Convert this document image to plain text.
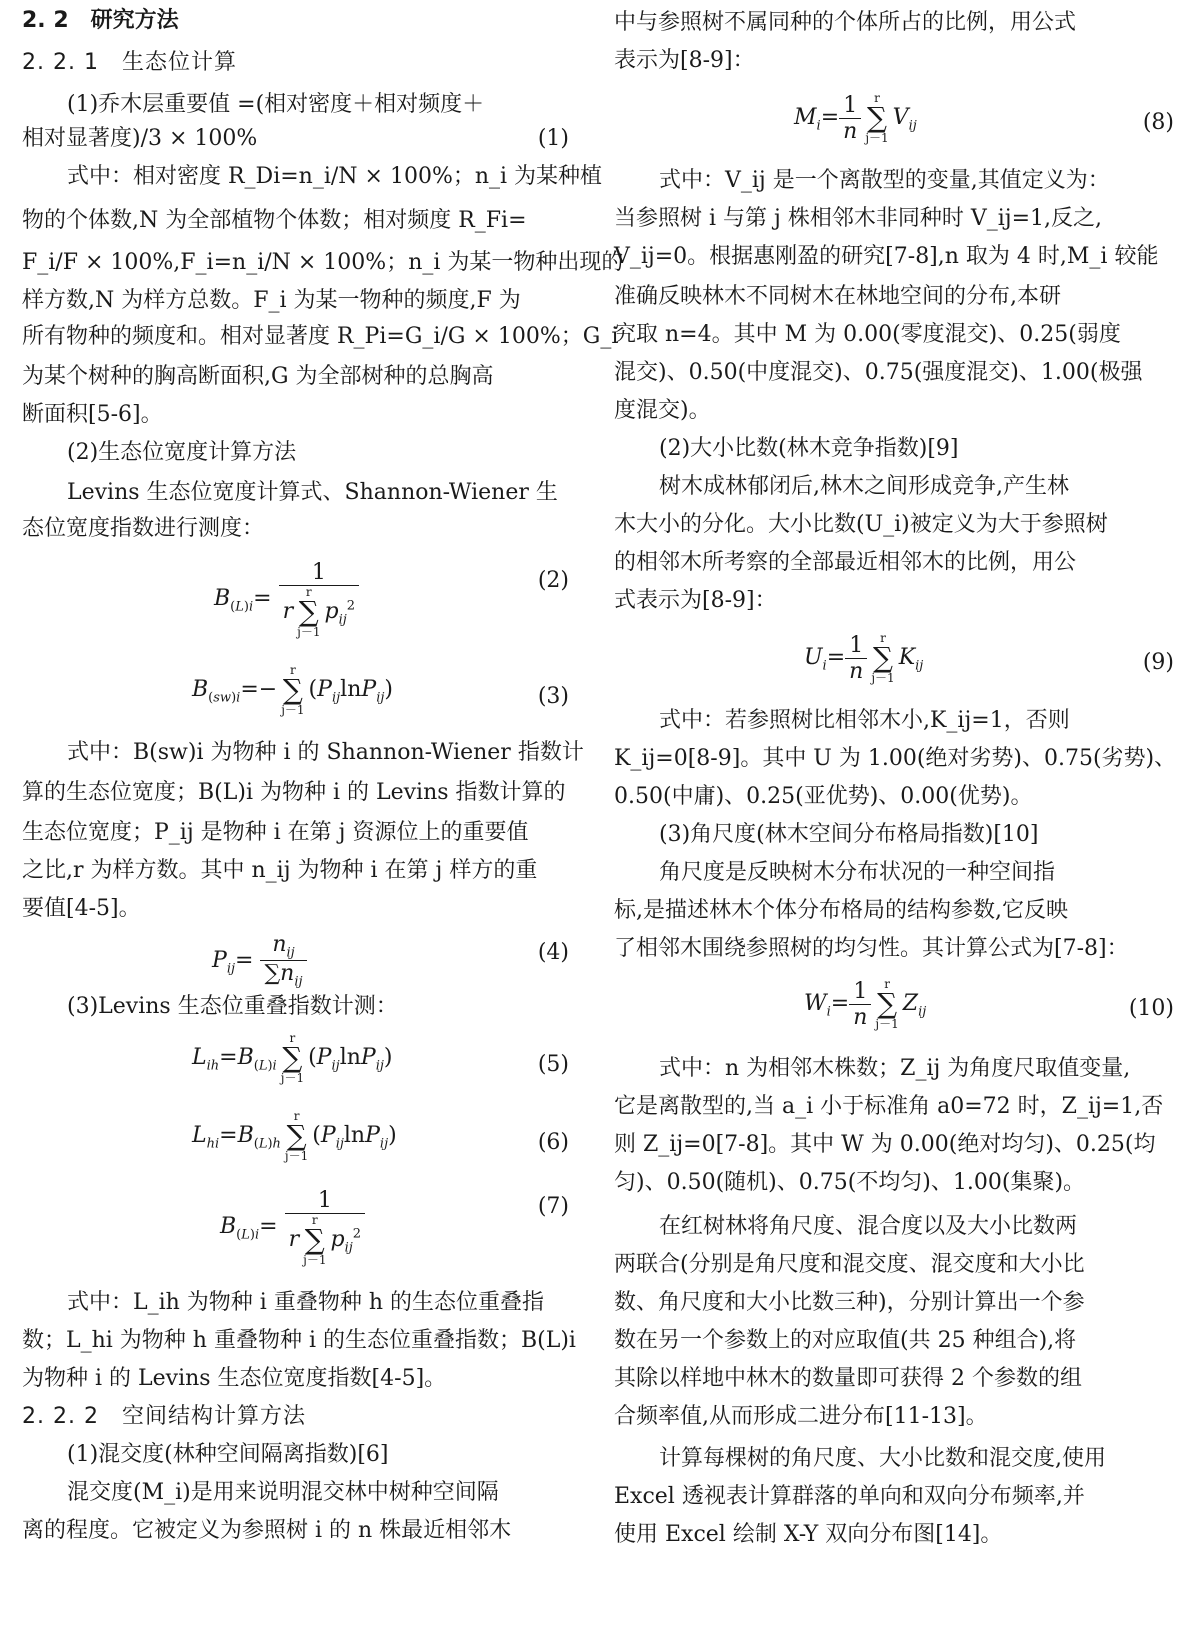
2. 2　研究方法
2. 2. 1　生态位计算
(1)乔木层重要值 =(相对密度＋相对频度＋
相对显著度)/3 × 100%	(1)
式中：相对密度 R_Di=n_i/N × 100%；n_i 为某种植
物的个体数,N 为全部植物个体数；相对频度 R_Fi=
F_i/F × 100%,F_i=n_i/N × 100%；n_i 为某一物种出现的
样方数,N 为样方总数。F_i 为某一物种的频度,F 为
所有物种的频度和。相对显著度 R_Pi=G_i/G × 100%；G_i
为某个树种的胸高断面积,G 为全部树种的总胸高
断面积[5-6]。
(2)生态位宽度计算方法
Levins 生态位宽度计算式、Shannon-Wiener 生
态位宽度指数进行测度：
$B_{(L)i}= 1$
rr
∑
$j-1p_{ij}^2$	(2)
$B_{(sw)i}=-r$
∑
$j-1(P_{ij}\ln P_{ij})$	(3)
式中：B(sw)i 为物种 i 的 Shannon-Wiener 指数计
算的生态位宽度；B(L)i 为物种 i 的 Levins 指数计算的
生态位宽度；P_ij 是物种 i 在第 j 资源位上的重要值
之比,r 为样方数。其中 n_ij 为物种 i 在第 j 样方的重
要值[4-5]。
$P_{ij}= \frac{n_{ij}}{\sum n_{ij}}$	(4)
(3)Levins 生态位重叠指数计测：
$L_{ih}=B_{(L)i}r$
∑
$j-1(P_{ij}\ln P_{ij})$	(5)
$L_{hi}=B_{(L)h}r$
∑
$j-1(P_{ij}\ln P_{ij})$	(6)
$B_{(L)i}= 1$
rr
∑
$j-1p_{ij}^2$	(7)
式中：L_ih 为物种 i 重叠物种 h 的生态位重叠指
数；L_hi 为物种 h 重叠物种 i 的生态位重叠指数；B(L)i
为物种 i 的 Levins 生态位宽度指数[4-5]。
2. 2. 2　空间结构计算方法
(1)混交度(林种空间隔离指数)[6]
混交度(M_i)是用来说明混交林中树种空间隔
离的程度。它被定义为参照树 i 的 n 株最近相邻木
中与参照树不属同种的个体所占的比例，用公式
表示为[8-9]：
$M_i= \frac{1}{n}$ r
∑
$j-1V_{ij}$	(8)
式中：V_ij 是一个离散型的变量,其值定义为：
当参照树 i 与第 j 株相邻木非同种时 V_ij=1,反之,
V_ij=0。根据惠刚盈的研究[7-8],n 取为 4 时,M_i 较能
准确反映林木不同树木在林地空间的分布,本研
究取 n=4。其中 M 为 0.00(零度混交)、0.25(弱度
混交)、0.50(中度混交)、0.75(强度混交)、1.00(极强
度混交)。
(2)大小比数(林木竞争指数)[9]
树木成林郁闭后,林木之间形成竞争,产生林
木大小的分化。大小比数(U_i)被定义为大于参照树
的相邻木所考察的全部最近相邻木的比例，用公
式表示为[8-9]：
$U_i= \frac{1}{n}$ r
∑
$j-1K_{ij}$	(9)
式中：若参照树比相邻木小,K_ij=1，否则
K_ij=0[8-9]。其中 U 为 1.00(绝对劣势)、0.75(劣势)、
0.50(中庸)、0.25(亚优势)、0.00(优势)。
(3)角尺度(林木空间分布格局指数)[10]
角尺度是反映树木分布状况的一种空间指
标,是描述林木个体分布格局的结构参数,它反映
了相邻木围绕参照树的均匀性。其计算公式为[7-8]：
$W_i= \frac{1}{n}$ r
∑
$j-1Z_{ij}$	(10)
式中：n 为相邻木株数；Z_ij 为角度尺取值变量,
它是离散型的,当 a_i 小于标准角 a0=72 时，Z_ij=1,否
则 Z_ij=0[7-8]。其中 W 为 0.00(绝对均匀)、0.25(均
匀)、0.50(随机)、0.75(不均匀)、1.00(集聚)。
在红树林将角尺度、混合度以及大小比数两
两联合(分别是角尺度和混交度、混交度和大小比
数、角尺度和大小比数三种)，分别计算出一个参
数在另一个参数上的对应取值(共 25 种组合),将
其除以样地中林木的数量即可获得 2 个参数的组
合频率值,从而形成二进分布[11-13]。
计算每棵树的角尺度、大小比数和混交度,使用
Excel 透视表计算群落的单向和双向分布频率,并
使用 Excel 绘制 X-Y 双向分布图[14]。
